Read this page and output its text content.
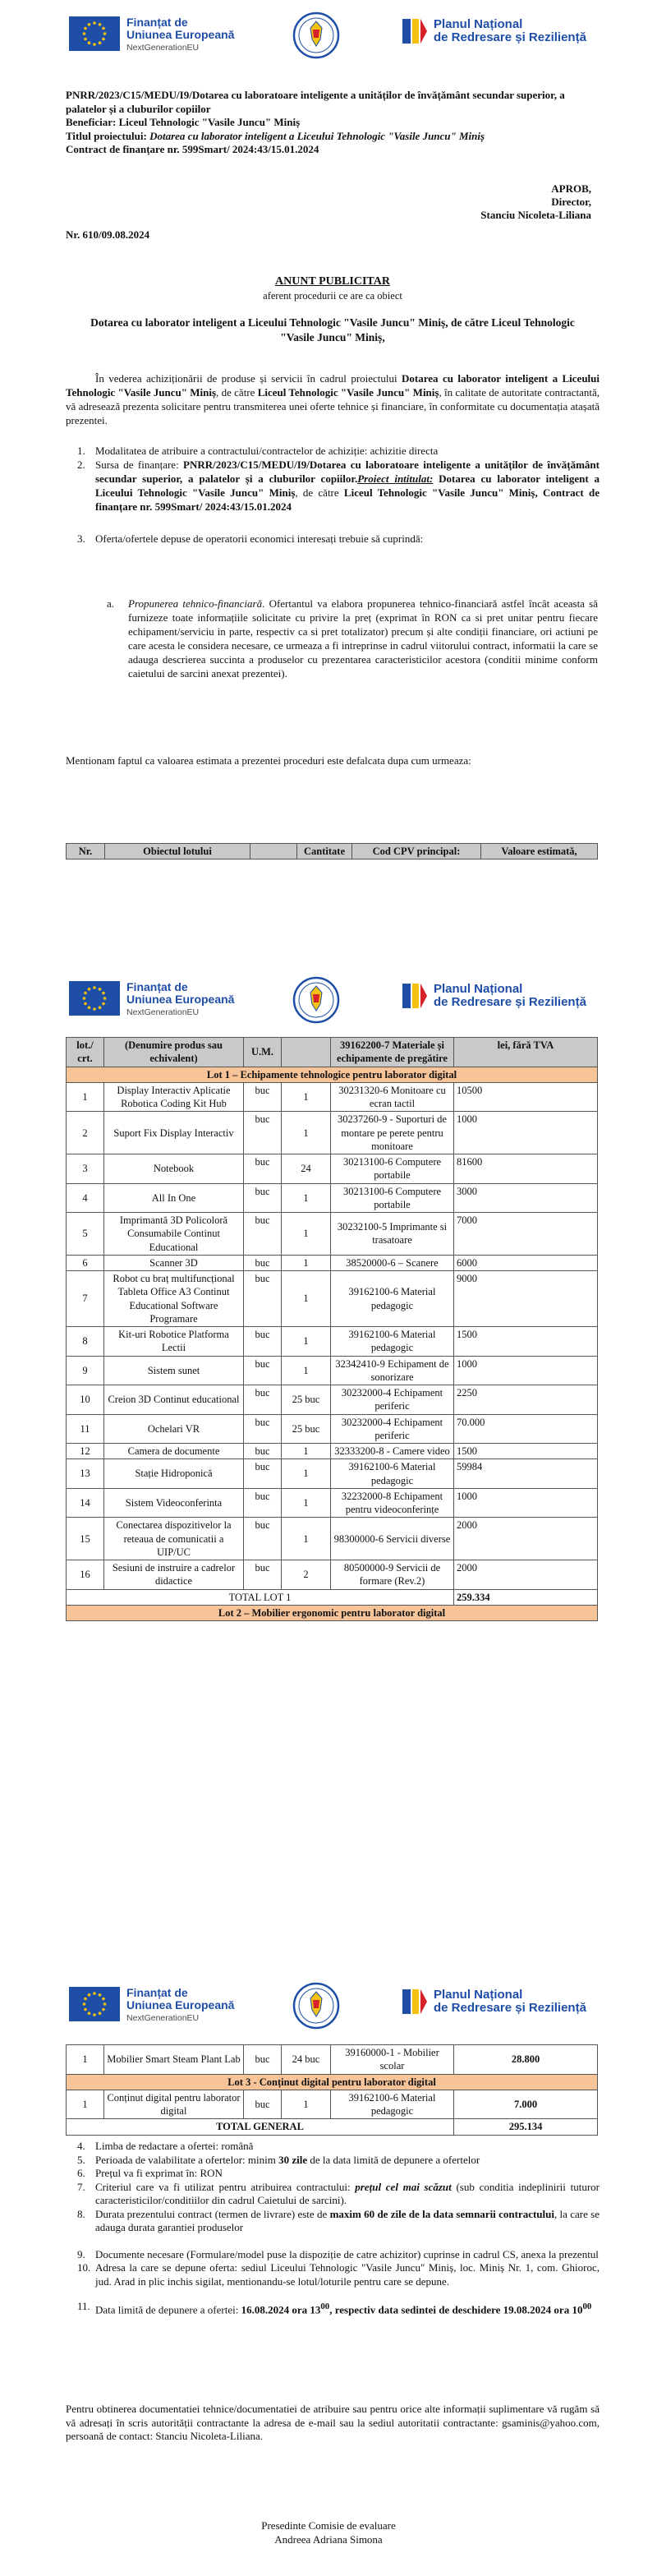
Finanțat de
Uniunea Europeană
NextGenerationEU
Planul Național
de Redresare și Reziliență

PNRR/2023/C15/MEDU/I9/Dotarea cu laboratoare inteligente a unităților de învățământ secundar superior, a palatelor și a cluburilor copiilor

Beneficiar: Liceul Tehnologic "Vasile Juncu" Miniș

Titlul proiectului: Dotarea cu laborator inteligent a Liceului Tehnologic "Vasile Juncu" Miniș

Contract de finanțare nr. 599Smart/ 2024:43/15.01.2024

APROB,
Director,
Stanciu Nicoleta-Liliana
Nr. 610/09.08.2024
ANUNT PUBLICITAR
aferent procedurii ce are ca obiect
Dotarea cu laborator inteligent a Liceului Tehnologic "Vasile Juncu" Miniș, de către Liceul Tehnologic "Vasile Juncu" Miniș,
În vederea achiziționării de produse și servicii în cadrul proiectului Dotarea cu laborator inteligent a Liceului Tehnologic "Vasile Juncu" Miniș, de către Liceul Tehnologic "Vasile Juncu" Miniș, în calitate de autoritate contractantă, vă adresează prezenta solicitare pentru transmiterea unei oferte tehnice și financiare, în conformitate cu documentația atașată prezentei.
1. Modalitatea de atribuire a contractului/contractelor de achiziție: achizitie directa
2. Sursa de finanțare: PNRR/2023/C15/MEDU/I9/Dotarea cu laboratoare inteligente a unităților de învățământ secundar superior, a palatelor și a cluburilor copiilor.Proiect intitulat: Dotarea cu laborator inteligent a Liceului Tehnologic "Vasile Juncu" Miniș, de către Liceul Tehnologic "Vasile Juncu" Miniș, Contract de finanțare nr. 599Smart/ 2024:43/15.01.2024
3. Oferta/ofertele depuse de operatorii economici interesați trebuie să cuprindă:
a. Propunerea tehnico-financiară. Ofertantul va elabora propunerea tehnico-financiară astfel încât aceasta să furnizeze toate informațiile solicitate cu privire la preț (exprimat în RON ca si pret unitar pentru fiecare echipament/serviciu in parte, respectiv ca si pret totalizator) precum și alte condiții financiare, ori actiuni pe care acesta le considera necesare, ce urmeaza a fi intreprinse in cadrul viitorului contract, informatii la care se adauga descrierea succinta a produselor cu prezentarea caracteristicilor acestora (conditii minime conform caietului de sarcini anexat prezentei).
Mentionam faptul ca valoarea estimata a prezentei proceduri este defalcata dupa cum urmeaza:
Nr.	Obiectul lotului		Cantitate	Cod CPV principal:	Valoare estimată,
Finanțat de
Uniunea Europeană
NextGenerationEU
Planul Național
de Redresare și Reziliență
lot./ crt.	(Denumire produs sau echivalent)	U.M.		39162200-7 Materiale și echipamente de pregătire	lei, fără TVA
Lot 1 – Echipamente tehnologice pentru laborator digital					
1	Display Interactiv Aplicatie Robotica Coding Kit Hub	buc	1	30231320-6 Monitoare cu ecran tactil	10500
2	Suport Fix Display Interactiv	buc	1	30237260-9 - Suporturi de montare pe perete pentru monitoare	1000
3	Notebook	buc	24	30213100-6 Computere portabile	81600
4	All In One	buc	1	30213100-6 Computere portabile	3000
5	Imprimantă 3D Policoloră Consumabile Continut Educational	buc	1	30232100-5 Imprimante si trasatoare	7000
6	Scanner 3D	buc	1	38520000-6 – Scanere	6000
7	Robot cu braț multifuncțional Tableta Office A3 Continut Educational Software Programare	buc	1	39162100-6 Material pedagogic	9000
8	Kit-uri Robotice Platforma Lectii	buc	1	39162100-6 Material pedagogic	1500
9	Sistem sunet	buc	1	32342410-9 Echipament de sonorizare	1000
10	Creion 3D Continut educational	buc	25 buc	30232000-4 Echipament periferic	2250
11	Ochelari VR	buc	25 buc	30232000-4 Echipament periferic	70.000
12	Camera de documente	buc	1	32333200-8 - Camere video	1500
13	Stație Hidroponică	buc	1	39162100-6 Material pedagogic	59984
14	Sistem Videoconferinta	buc	1	32232000-8 Echipament pentru videoconferințe	1000
15	Conectarea dispozitivelor la reteaua de comunicatii a UIP/UC	buc	1	98300000-6 Servicii diverse	2000
16	Sesiuni de instruire a cadrelor didactice	buc	2	80500000-9 Servicii de formare (Rev.2)	2000
TOTAL LOT 1					259.334
Lot 2 – Mobilier ergonomic pentru laborator digital					
Finanțat de
Uniunea Europeană
NextGenerationEU
Planul Național
de Redresare și Reziliență
1	Mobilier Smart Steam Plant Lab	buc	24 buc	39160000-1 - Mobilier scolar	28.800
Lot 3 - Conținut digital pentru laborator digital					
1	Conținut digital pentru laborator digital	buc	1	39162100-6 Material pedagogic	7.000
TOTAL GENERAL					295.134
4. Limba de redactare a ofertei: română
5. Perioada de valabilitate a ofertelor: minim 30 zile de la data limită de depunere a ofertelor
6. Prețul va fi exprimat în: RON
7. Criteriul care va fi utilizat pentru atribuirea contractului: prețul cel mai scăzut (sub conditia indeplinirii tuturor caracteristicilor/conditiilor din cadrul Caietului de sarcini).
8. Durata prezentului contract (termen de livrare) este de maxim 60 de zile de la data semnarii contractului, la care se adauga durata garantiei produselor
9. Documente necesare (Formulare/model puse la dispoziție de catre achizitor) cuprinse in cadrul CS, anexa la prezentul
10. Adresa la care se depune oferta: sediul Liceului Tehnologic "Vasile Juncu" Miniș, loc. Miniș Nr. 1, com. Ghioroc, jud. Arad in plic inchis sigilat, mentionandu-se lotul/loturile pentru care se depune.
11. Data limită de depunere a ofertei: 16.08.2024 ora $13^{00}$, respectiv data sedintei de deschidere 19.08.2024 ora $10^{00}$
Pentru obtinerea documentatiei tehnice/documentatiei de atribuire sau pentru orice alte informații suplimentare vă rugăm să vă adresați în scris autorității contractante la adresa de e-mail sau la sediul autoritatii contractante: gsaminis@yahoo.com, persoană de contact: Stanciu Nicoleta-Liliana.
Presedinte Comisie de evaluare
Andreea Adriana Simona
